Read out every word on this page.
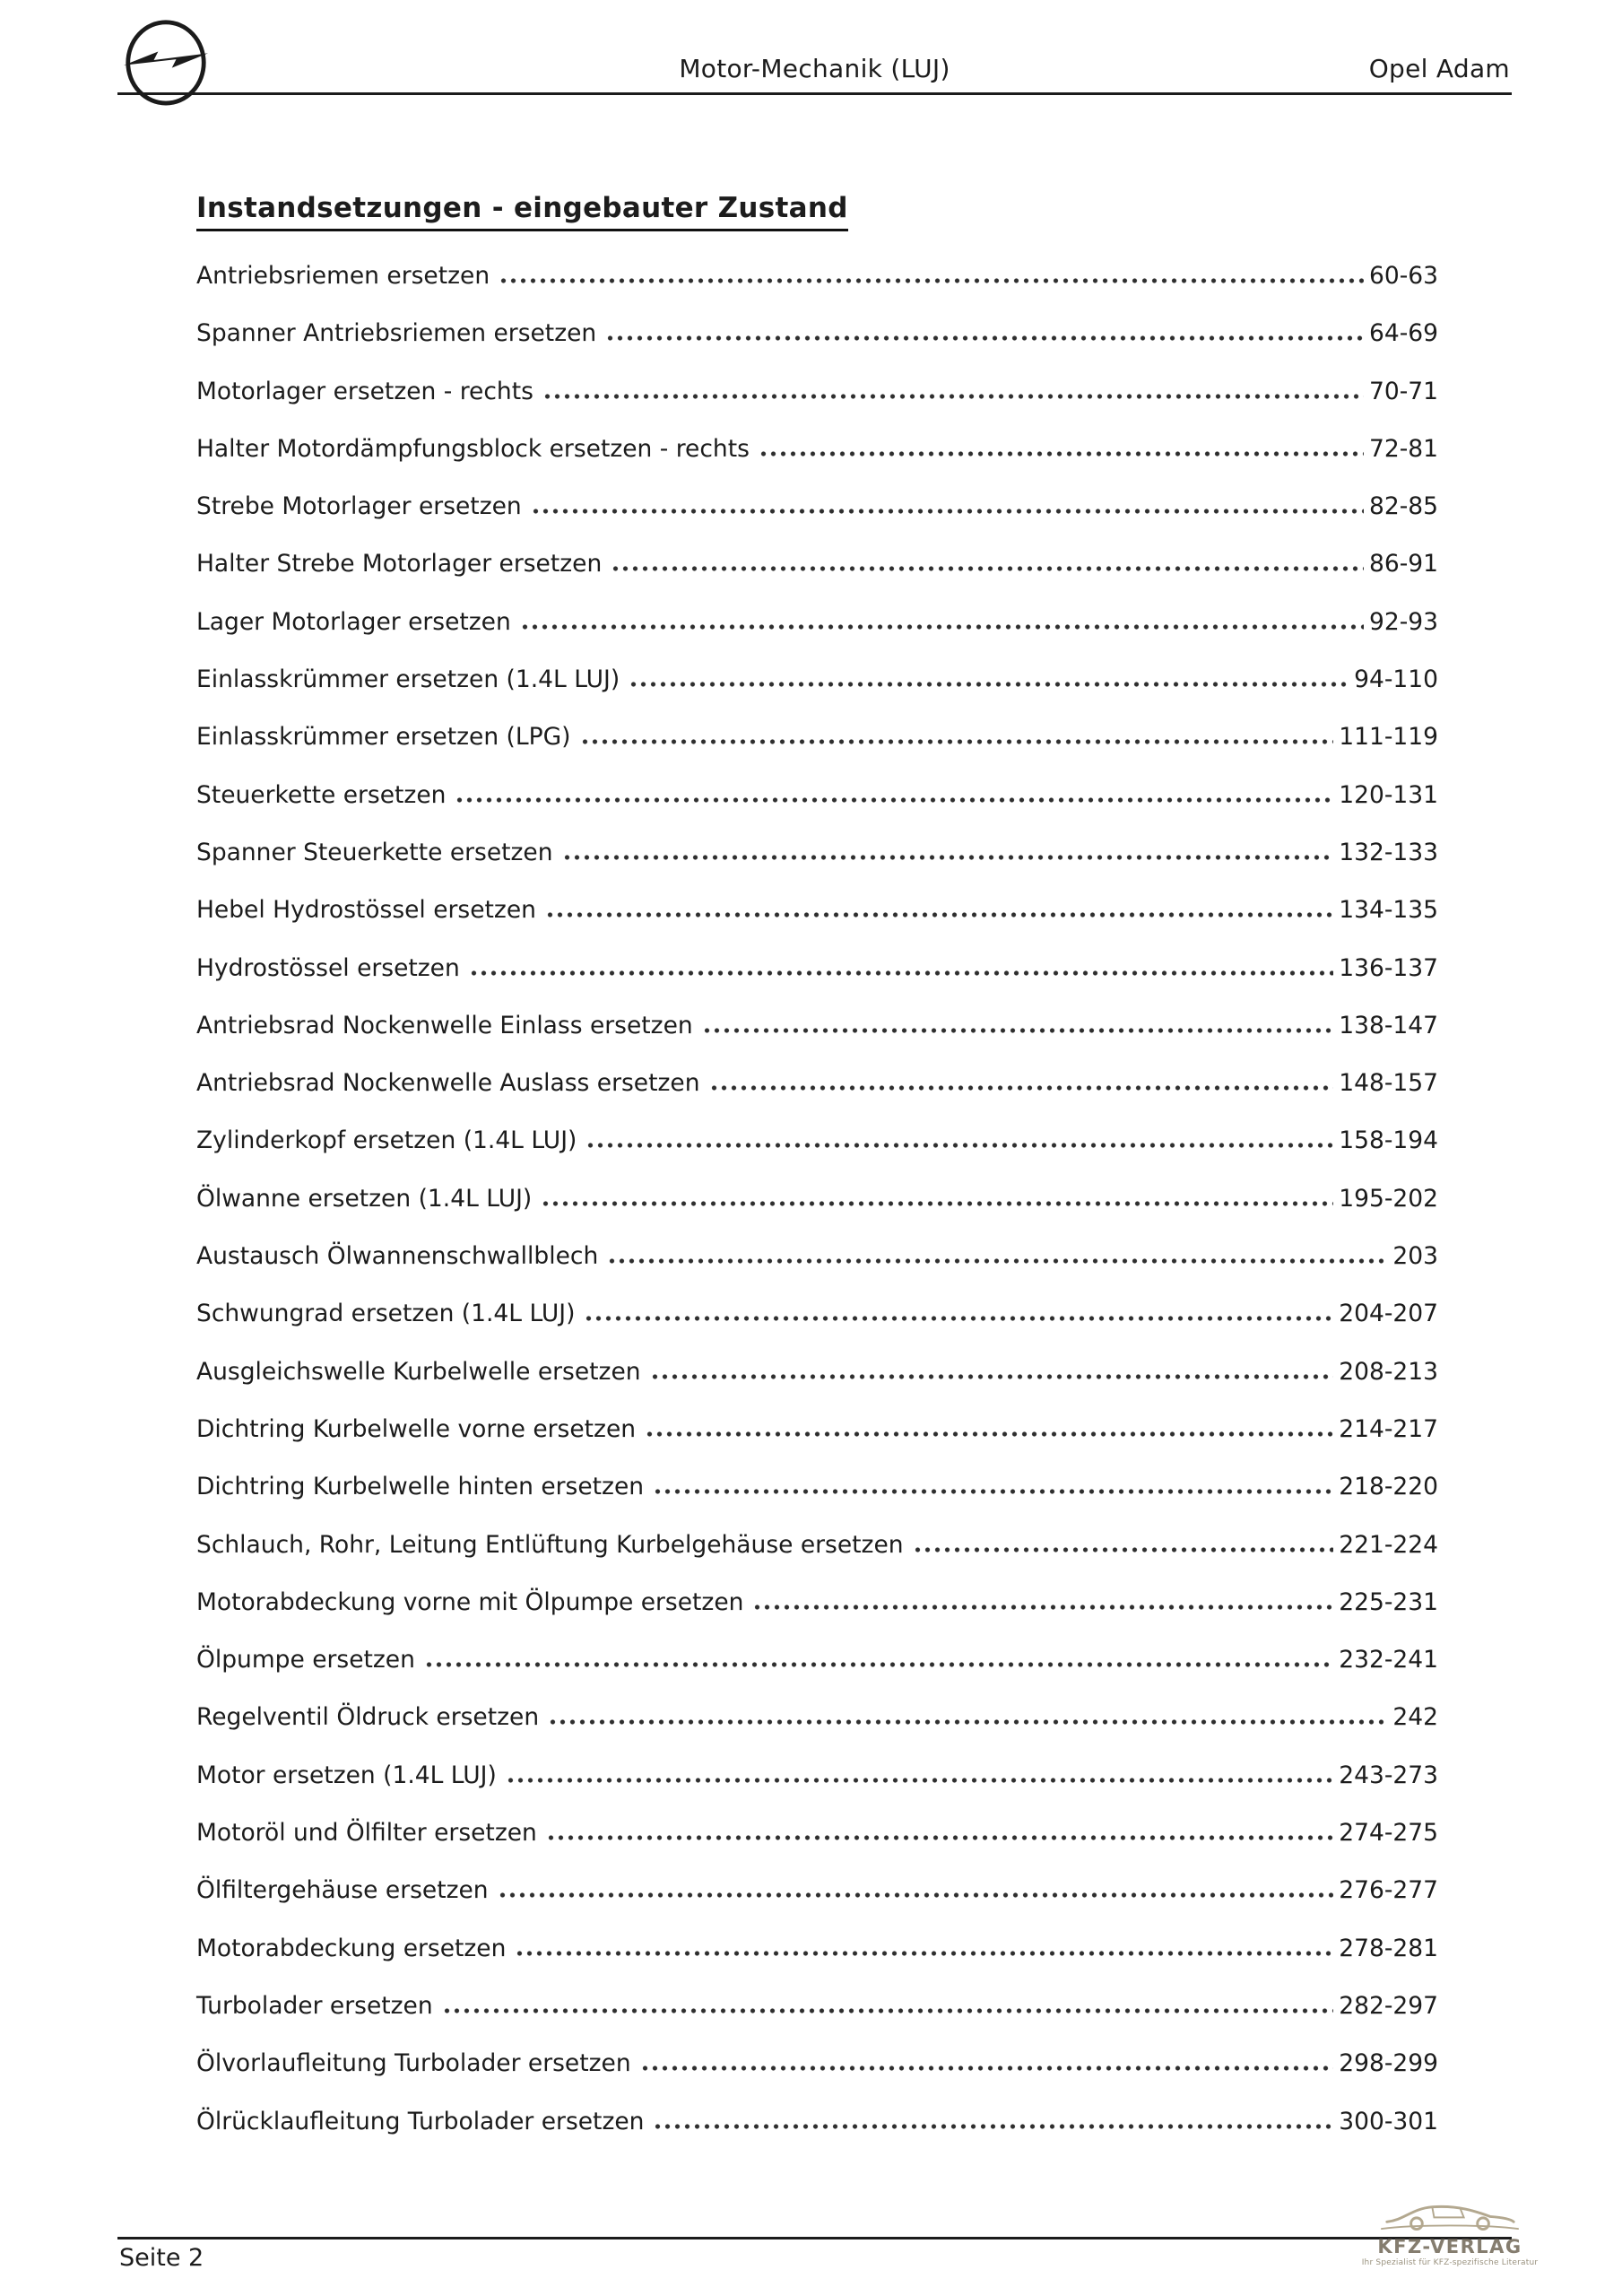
Motor-Mechanik (LUJ)	Opel Adam
Instandsetzungen - eingebauter Zustand
Antriebsriemen ersetzen	60-63
Spanner Antriebsriemen ersetzen	64-69
Motorlager ersetzen - rechts	70-71
Halter Motordämpfungsblock ersetzen - rechts	72-81
Strebe Motorlager ersetzen	82-85
Halter Strebe Motorlager ersetzen	86-91
Lager Motorlager ersetzen	92-93
Einlasskrümmer ersetzen (1.4L LUJ)	94-110
Einlasskrümmer ersetzen (LPG)	111-119
Steuerkette ersetzen	120-131
Spanner Steuerkette ersetzen	132-133
Hebel Hydrostössel ersetzen	134-135
Hydrostössel ersetzen	136-137
Antriebsrad Nockenwelle Einlass ersetzen	138-147
Antriebsrad Nockenwelle Auslass ersetzen	148-157
Zylinderkopf ersetzen (1.4L LUJ)	158-194
Ölwanne ersetzen (1.4L LUJ)	195-202
Austausch Ölwannenschwallblech	203
Schwungrad ersetzen (1.4L LUJ)	204-207
Ausgleichswelle Kurbelwelle ersetzen	208-213
Dichtring Kurbelwelle vorne ersetzen	214-217
Dichtring Kurbelwelle hinten ersetzen	218-220
Schlauch, Rohr, Leitung Entlüftung Kurbelgehäuse ersetzen	221-224
Motorabdeckung vorne mit Ölpumpe ersetzen	225-231
Ölpumpe ersetzen	232-241
Regelventil Öldruck ersetzen	242
Motor ersetzen (1.4L LUJ)	243-273
Motoröl und Ölfilter ersetzen	274-275
Ölfiltergehäuse ersetzen	276-277
Motorabdeckung ersetzen	278-281
Turbolader ersetzen	282-297
Ölvorlaufleitung Turbolader ersetzen	298-299
Ölrücklaufleitung Turbolader ersetzen	300-301
Seite 2	KFZ-VERLAG
Ihr Spezialist für KFZ-spezifische Literatur
